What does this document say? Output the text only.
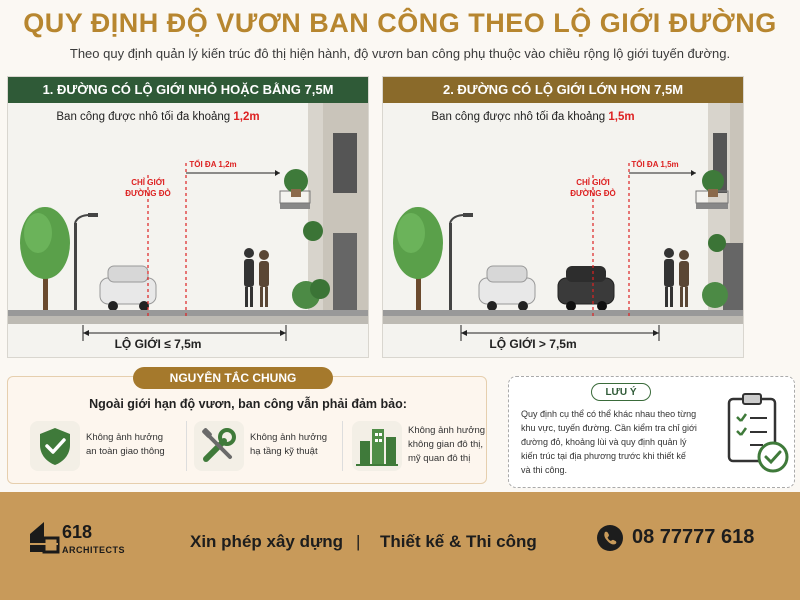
QUY ĐỊNH ĐỘ VƯƠN BAN CÔNG THEO LỘ GIỚI ĐƯỜNG
Theo quy định quản lý kiến trúc đô thị hiện hành, độ vươn ban công phụ thuộc vào chiều rộng lộ giới tuyến đường.
1. ĐƯỜNG CÓ LỘ GIỚI NHỎ HOẶC BẰNG 7,5M
CHỈ GIỚI
ĐƯỜNG ĐỎ
TỐI ĐA 1,2m
Ban công được nhô tối đa khoảng 1,2m
LỘ GIỚI ≤ 7,5m
2. ĐƯỜNG CÓ LỘ GIỚI LỚN HƠN 7,5M
CHỈ GIỚI
ĐƯỜNG ĐỎ
TỐI ĐA 1,5m
Ban công được nhô tối đa khoảng 1,5m
LỘ GIỚI > 7,5m
NGUYÊN TẮC CHUNG
Ngoài giới hạn độ vươn, ban công vẫn phải đảm bảo:
Không ảnh hưởng
an toàn giao thông
Không ảnh hưởng
hạ tầng kỹ thuật
Không ảnh hưởng
không gian đô thị,
mỹ quan đô thị
LƯU Ý
Quy định cụ thể có thể khác nhau theo từng
khu vực, tuyến đường. Cần kiểm tra chỉ giới
đường đỏ, khoảng lùi và quy định quản lý
kiến trúc tại địa phương trước khi thiết kế
và thi công.
618
ARCHITECTS	Xin phép xây dựng | Thiết kế & Thi công	08 77777 618
